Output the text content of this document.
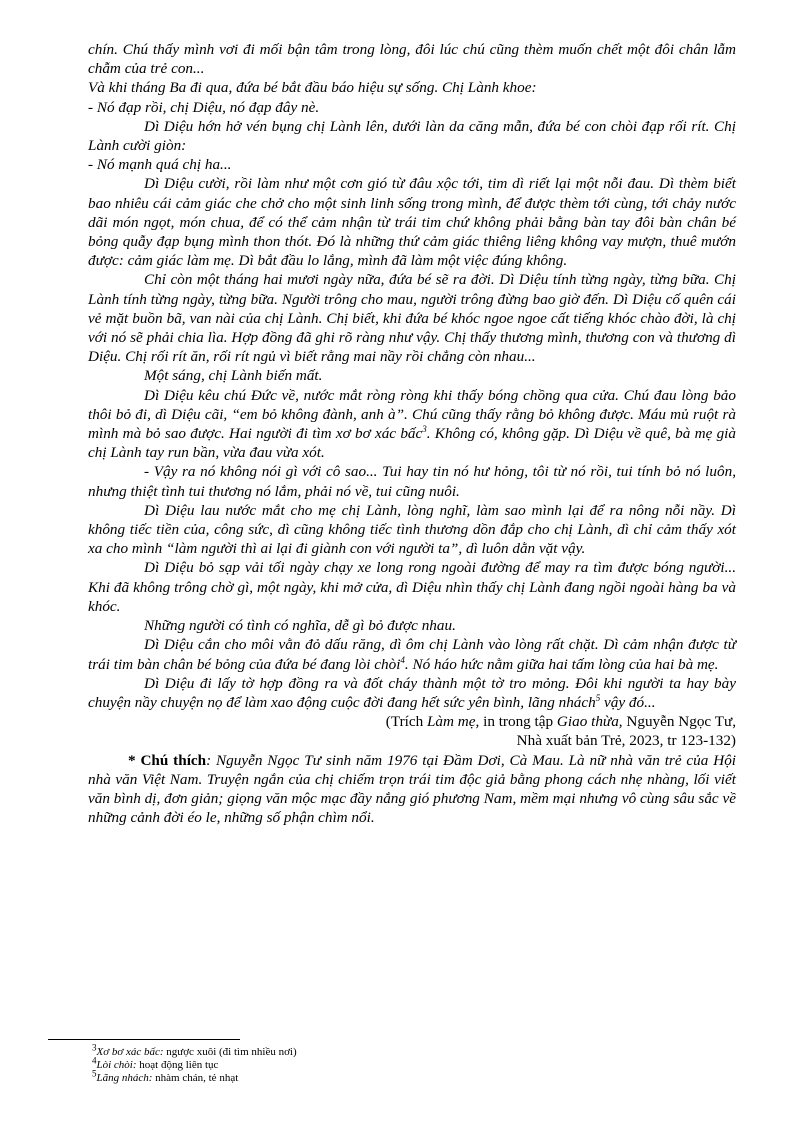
chín. Chú thấy mình vơi đi mối bận tâm trong lòng, đôi lúc chú cũng thèm muốn chết một đôi chân lẫm chẫm của trẻ con...

Và khi tháng Ba đi qua, đứa bé bắt đầu báo hiệu sự sống. Chị Lành khoe:

- Nó đạp rồi, chị Diệu, nó đạp đây nè.

Dì Diệu hớn hở vén bụng chị Lành lên, dưới làn da căng mẫn, đứa bé con chòi đạp rối rít. Chị Lành cười giòn:

- Nó mạnh quá chị ha...

Dì Diệu cười, rồi làm như một cơn gió từ đâu xộc tới, tim dì riết lại một nỗi đau. Dì thèm biết bao nhiêu cái cảm giác che chở cho một sinh linh sống trong mình, để được thèm tới cùng, tới chảy nước dãi món ngọt, món chua, để có thể cảm nhận từ trái tim chứ không phải bằng bàn tay đôi bàn chân bé bỏng quẫy đạp bụng mình thon thót. Đó là những thứ cảm giác thiêng liêng không vay mượn, thuê mướn được: cảm giác làm mẹ. Dì bắt đầu lo lắng, mình đã làm một việc đúng không.

Chỉ còn một tháng hai mươi ngày nữa, đứa bé sẽ ra đời. Dì Diệu tính từng ngày, từng bữa. Chị Lành tính từng ngày, từng bữa. Người trông cho mau, người trông đừng bao giờ đến. Dì Diệu cố quên cái vẻ mặt buồn bã, van nài của chị Lành. Chị biết, khi đứa bé khóc ngoe ngoe cất tiếng khóc chào đời, là chị với nó sẽ phải chia lìa. Hợp đồng đã ghi rõ ràng như vậy. Chị thấy thương mình, thương con và thương dì Diệu. Chị rối rít ăn, rối rít ngủ vì biết rằng mai nầy rồi chẳng còn nhau...

Một sáng, chị Lành biến mất.

Dì Diệu kêu chú Đức về, nước mắt ròng ròng khi thấy bóng chồng qua cửa. Chú đau lòng bảo thôi bỏ đi, dì Diệu cãi, “em bỏ không đành, anh à”. Chú cũng thấy rằng bỏ không được. Máu mủ ruột rà mình mà bỏ sao được. Hai người đi tìm xơ bơ xác bấc$^3$. Không có, không gặp. Dì Diệu về quê, bà mẹ già chị Lành tay run bần, vừa đau vừa xót.

- Vậy ra nó không nói gì với cô sao... Tui hay tin nó hư hỏng, tôi từ nó rồi, tui tính bỏ nó luôn, nhưng thiệt tình tui thương nó lắm, phải nó về, tui cũng nuôi.

Dì Diệu lau nước mắt cho mẹ chị Lành, lòng nghĩ, làm sao mình lại để ra nông nỗi nầy. Dì không tiếc tiền của, công sức, dì cũng không tiếc tình thương dồn đắp cho chị Lành, dì chỉ cảm thấy xót xa cho mình “làm người thì ai lại đi giành con với người ta”, dì luôn dằn vặt vậy.

Dì Diệu bỏ sạp vải tối ngày chạy xe long rong ngoài đường để may ra tìm được bóng người... Khi đã không trông chờ gì, một ngày, khi mở cửa, dì Diệu nhìn thấy chị Lành đang ngồi ngoài hàng ba và khóc.

Những người có tình có nghĩa, dễ gì bỏ được nhau.

Dì Diệu cắn cho môi vằn đỏ dấu răng, dì ôm chị Lành vào lòng rất chặt. Dì cảm nhận được từ trái tim bàn chân bé bỏng của đứa bé đang lòi chòi$^4$. Nó háo hức nằm giữa hai tấm lòng của hai bà mẹ.

Dì Diệu đi lấy tờ hợp đồng ra và đốt cháy thành một tờ tro mỏng. Đôi khi người ta hay bày chuyện nầy chuyện nọ để làm xao động cuộc đời đang hết sức yên bình, lãng nhách$^5$ vậy đó...

(Trích Làm mẹ, in trong tập Giao thừa, Nguyễn Ngọc Tư,

Nhà xuất bản Trẻ, 2023, tr 123-132)

* Chú thích: Nguyễn Ngọc Tư sinh năm 1976 tại Đầm Dơi, Cà Mau. Là nữ nhà văn trẻ của Hội nhà văn Việt Nam. Truyện ngắn của chị chiếm trọn trái tim độc giả bằng phong cách nhẹ nhàng, lối viết văn bình dị, đơn giản; giọng văn mộc mạc đầy nắng gió phương Nam, mềm mại nhưng vô cùng sâu sắc về những cảnh đời éo le, những số phận chìm nổi.

$^3$Xơ bơ xác bấc: ngược xuôi (đi tìm nhiều nơi)
$^4$Lòi chòi: hoạt động liên tục
$^5$Lãng nhách: nhàm chán, tẻ nhạt
